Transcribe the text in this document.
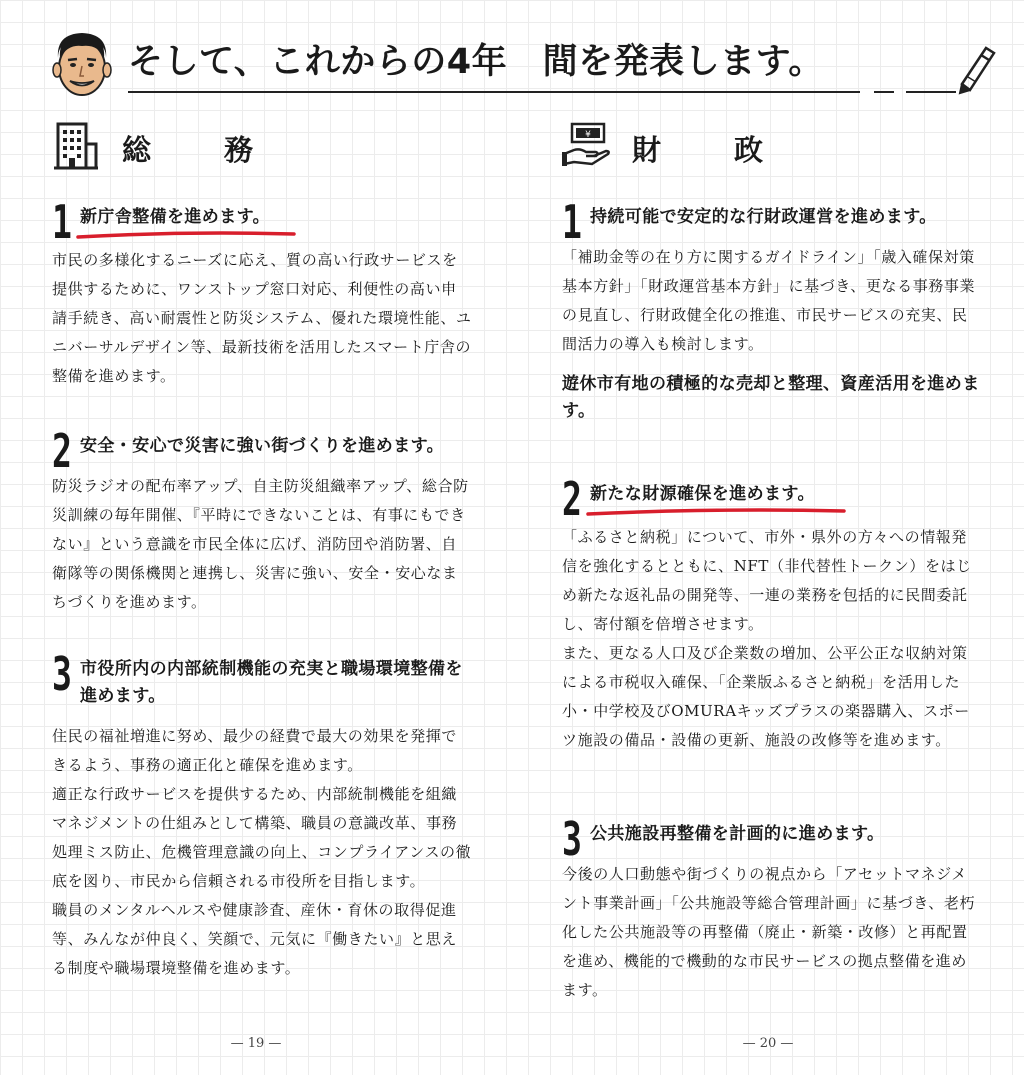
そして、これからの4年　間を発表します。
総　務
1 新庁舎整備を進めます。

市民の多様化するニーズに応え、質の高い行政サービスを提供するために、ワンストップ窓口対応、利便性の高い申請手続き、高い耐震性と防災システム、優れた環境性能、ユニバーサルデザイン等、最新技術を活用したスマート庁舎の整備を進めます。

2 安全・安心で災害に強い街づくりを進めます。

防災ラジオの配布率アップ、自主防災組織率アップ、総合防災訓練の毎年開催、『平時にできないことは、有事にもできない』という意識を市民全体に広げ、消防団や消防署、自衛隊等の関係機関と連携し、災害に強い、安全・安心なまちづくりを進めます。

3 市役所内の内部統制機能の充実と職場環境整備を進めます。

住民の福祉増進に努め、最少の経費で最大の効果を発揮できるよう、事務の適正化と確保を進めます。

適正な行政サービスを提供するため、内部統制機能を組織マネジメントの仕組みとして構築、職員の意識改革、事務処理ミス防止、危機管理意識の向上、コンプライアンスの徹底を図り、市民から信頼される市役所を目指します。

職員のメンタルヘルスや健康診査、産休・育休の取得促進等、みんなが仲良く、笑顔で、元気に『働きたい』と思える制度や職場環境整備を進めます。

¥ 財　政
1 持続可能で安定的な行財政運営を進めます。

「補助金等の在り方に関するガイドライン」「歳入確保対策基本方針」「財政運営基本方針」に基づき、更なる事務事業の見直し、行財政健全化の推進、市民サービスの充実、民間活力の導入も検討します。

遊休市有地の積極的な売却と整理、資産活用を進めます。

2 新たな財源確保を進めます。

「ふるさと納税」について、市外・県外の方々への情報発信を強化するとともに、NFT（非代替性トークン）をはじめ新たな返礼品の開発等、一連の業務を包括的に民間委託し、寄付額を倍増させます。

また、更なる人口及び企業数の増加、公平公正な収納対策による市税収入確保、「企業版ふるさと納税」を活用した小・中学校及びOMURAキッズプラスの楽器購入、スポーツ施設の備品・設備の更新、施設の改修等を進めます。

3 公共施設再整備を計画的に進めます。

今後の人口動態や街づくりの視点から「アセットマネジメント事業計画」「公共施設等総合管理計画」に基づき、老朽化した公共施設等の再整備（廃止・新築・改修）と再配置を進め、機能的で機動的な市民サービスの拠点整備を進めます。

— 19 —	— 20 —
